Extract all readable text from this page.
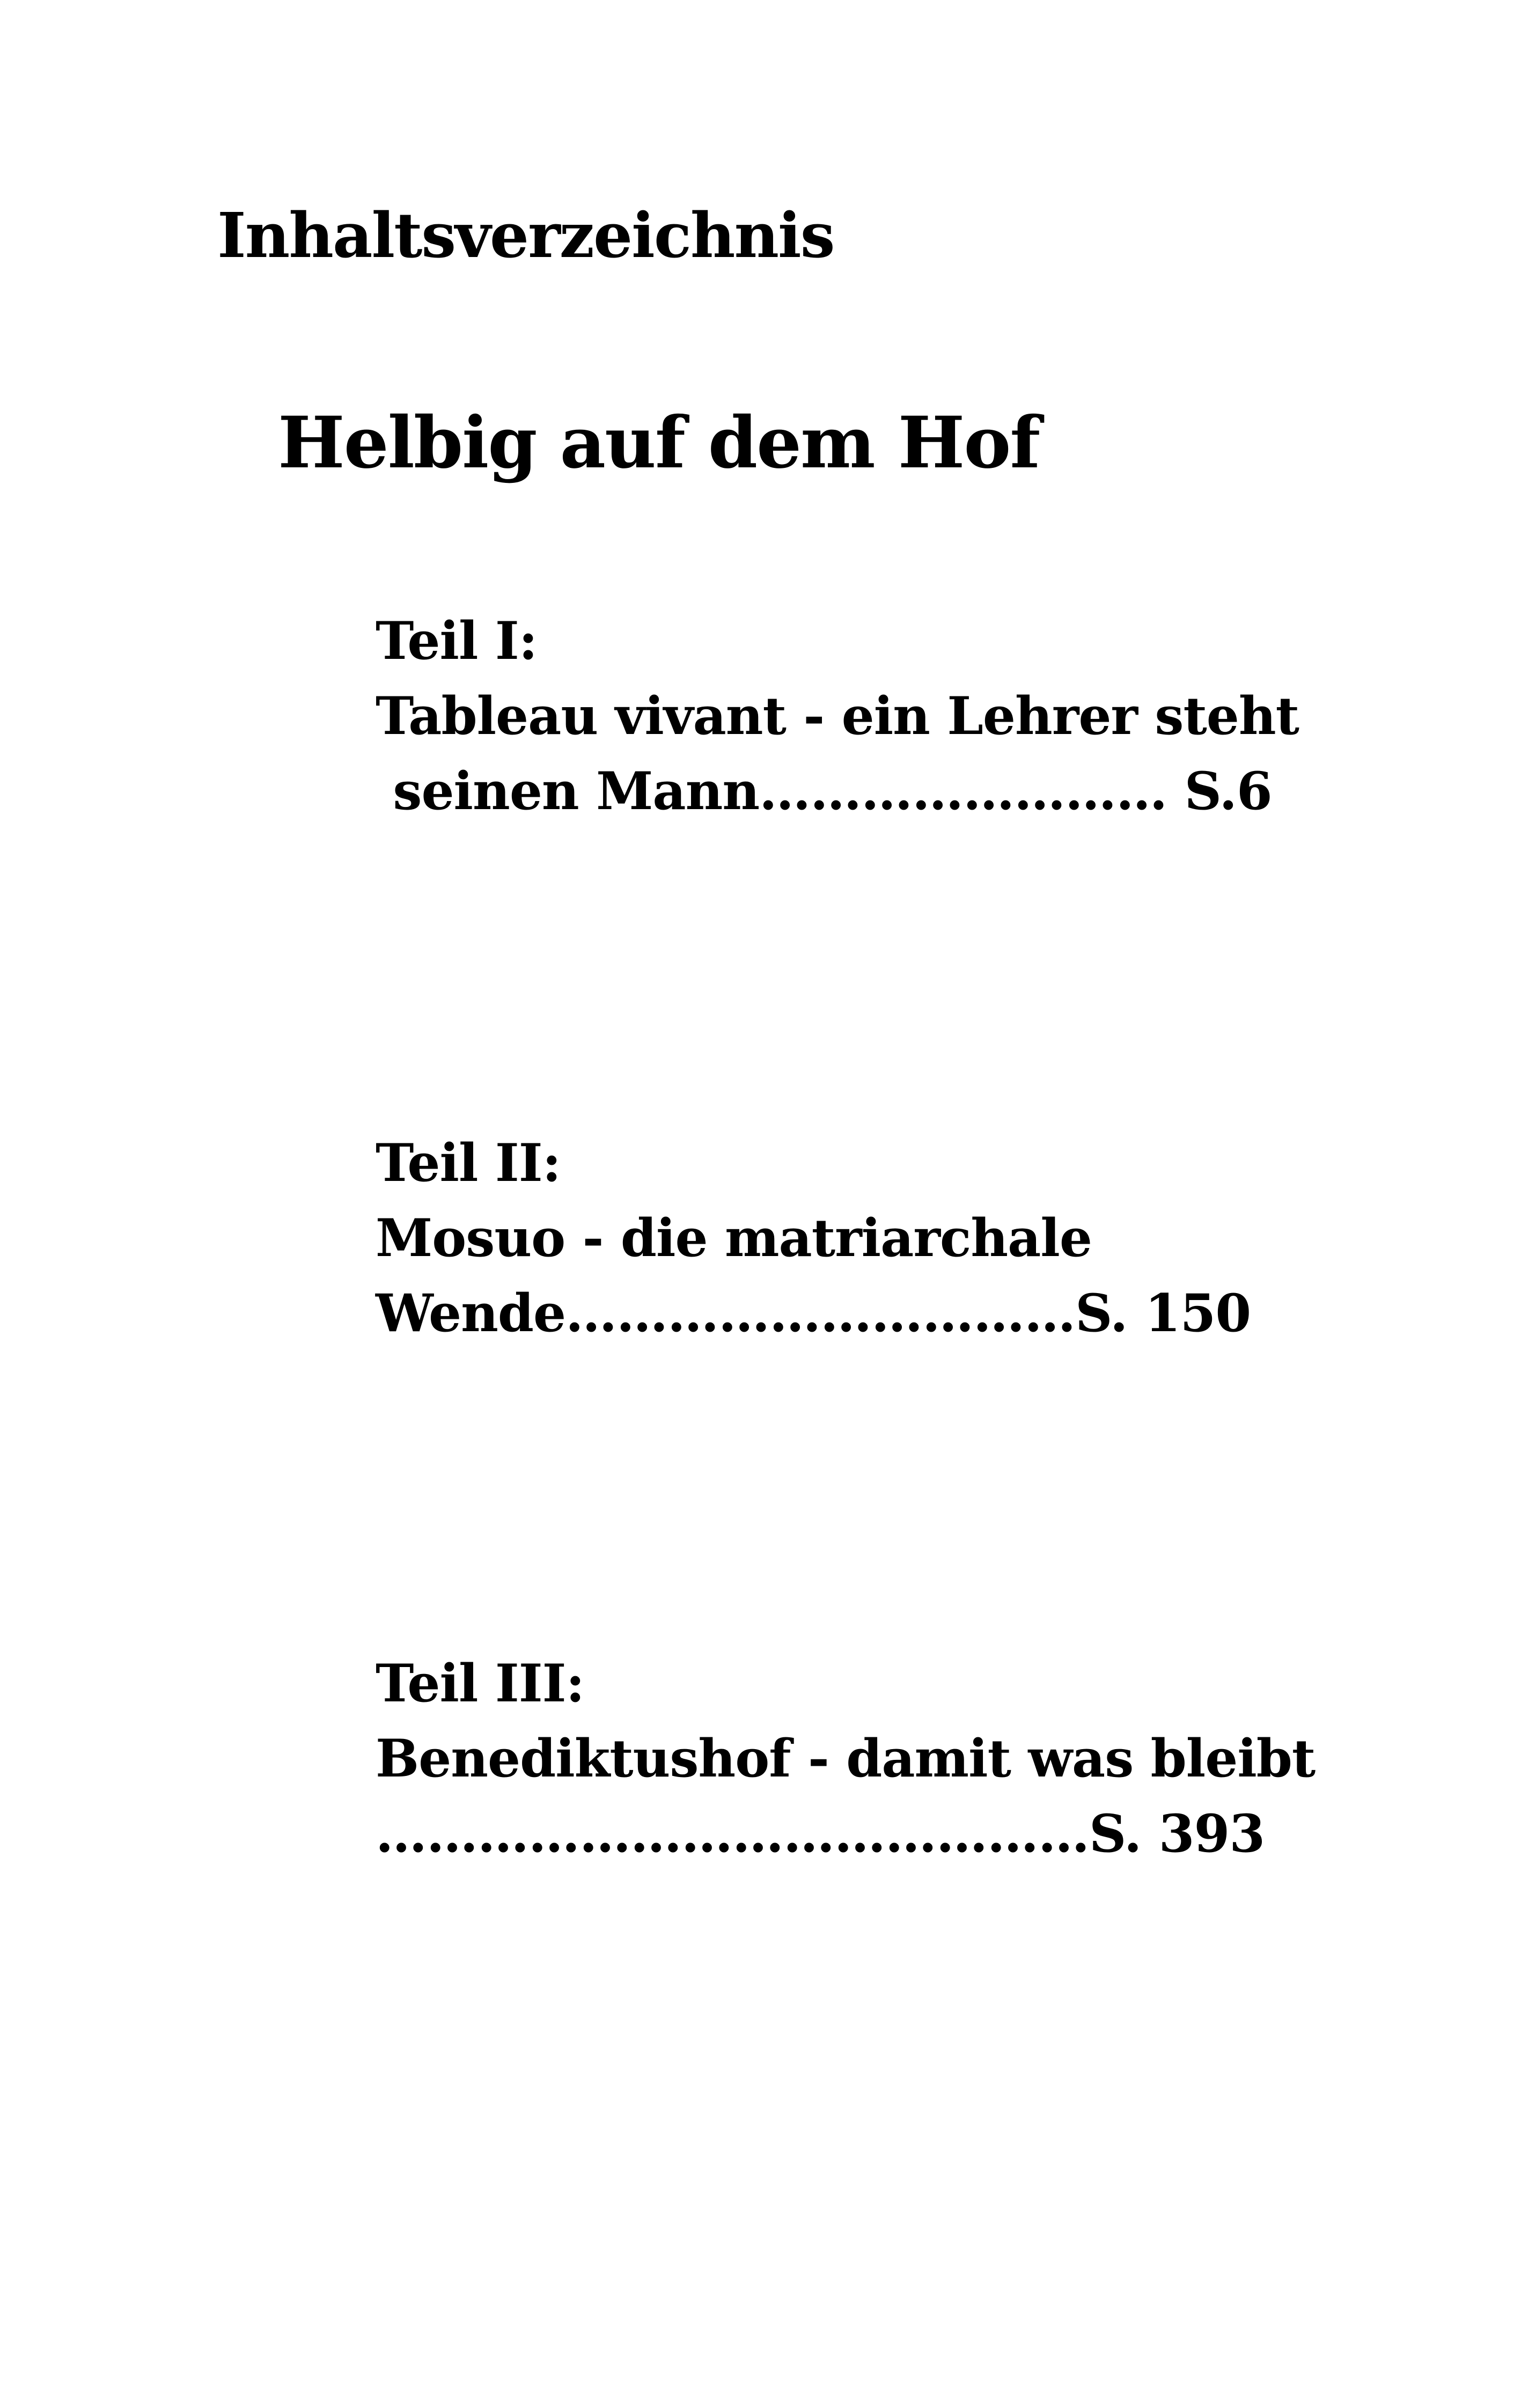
Inhaltsverzeichnis
Helbig auf dem Hof
Teil I:
Tableau vivant - ein Lehrer steht
seinen Mann…………………… S.6
Teil II:
Mosuo - die matriarchale
Wende…………………………S. 150
Teil III:
Benediktushof - damit was bleibt
……………………………………S. 393
